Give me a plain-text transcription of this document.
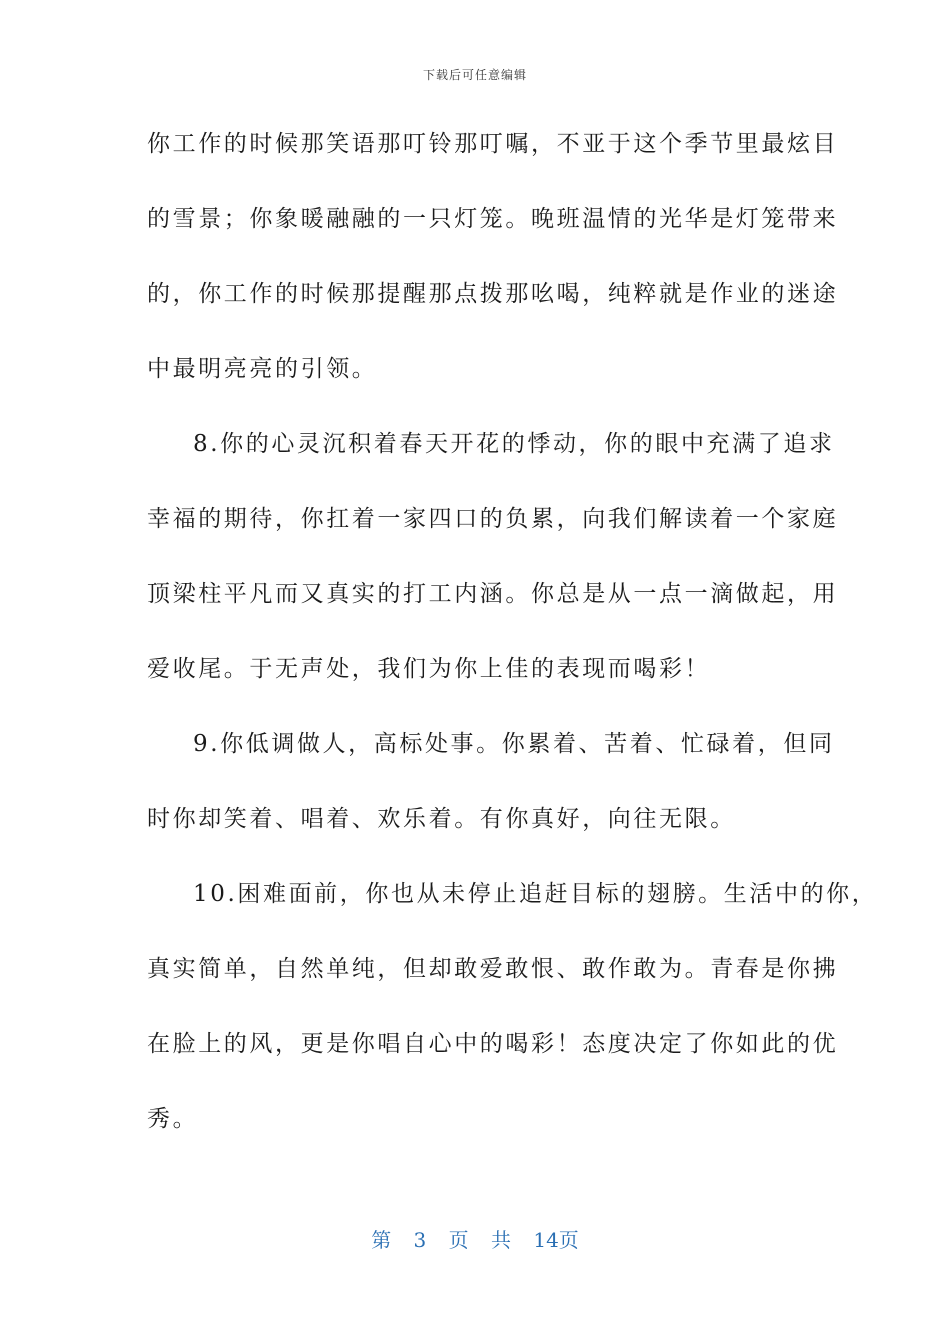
下载后可任意编辑
你工作的时候那笑语那叮铃那叮嘱，不亚于这个季节里最炫目
的雪景；你象暖融融的一只灯笼。晚班温情的光华是灯笼带来
的，你工作的时候那提醒那点拨那吆喝，纯粹就是作业的迷途
中最明亮亮的引领。
8.你的心灵沉积着春天开花的悸动，你的眼中充满了追求
幸福的期待，你扛着一家四口的负累，向我们解读着一个家庭
顶梁柱平凡而又真实的打工内涵。你总是从一点一滴做起，用
爱收尾。于无声处，我们为你上佳的表现而喝彩！
9.你低调做人，高标处事。你累着、苦着、忙碌着，但同
时你却笑着、唱着、欢乐着。有你真好，向往无限。
10.困难面前，你也从未停止追赶目标的翅膀。生活中的你，
真实简单，自然单纯，但却敢爱敢恨、敢作敢为。青春是你拂
在脸上的风，更是你唱自心中的喝彩！态度决定了你如此的优
秀。
第 3 页 共 14页
